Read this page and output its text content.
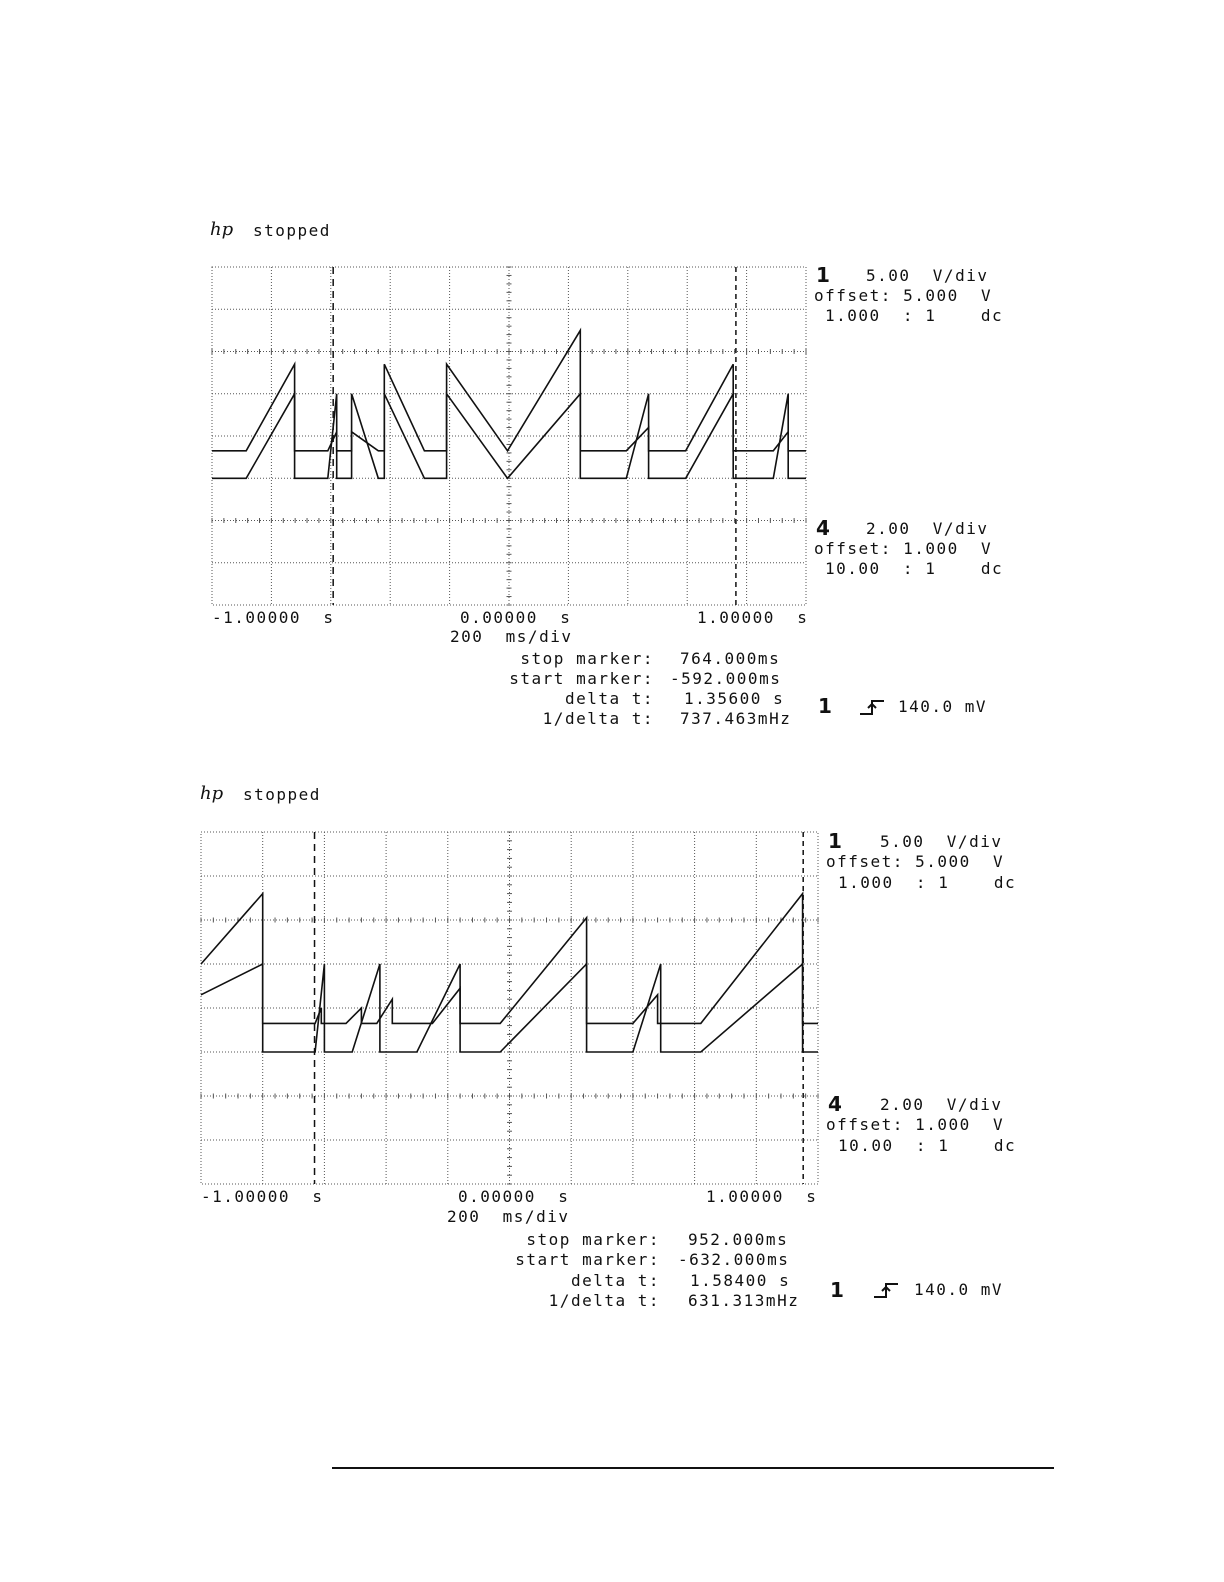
hp stopped
1 5.00  V/div
offset: 5.000  V
1.000  : 1    dc
4 2.00  V/div
offset: 1.000  V
10.00  : 1    dc
-1.00000  s	0.00000  s	1.00000  s
200  ms/div
stop marker: 764.000ms
start marker: -592.000ms
delta t: 1.35600 s
1/delta t: 737.463mHz
1	140.0 mV
hp stopped
1 5.00  V/div
offset: 5.000  V
1.000  : 1    dc
4 2.00  V/div
offset: 1.000  V
10.00  : 1    dc
-1.00000  s	0.00000  s	1.00000  s
200  ms/div
stop marker: 952.000ms
start marker: -632.000ms
delta t: 1.58400 s
1/delta t: 631.313mHz 1	140.0 mV
